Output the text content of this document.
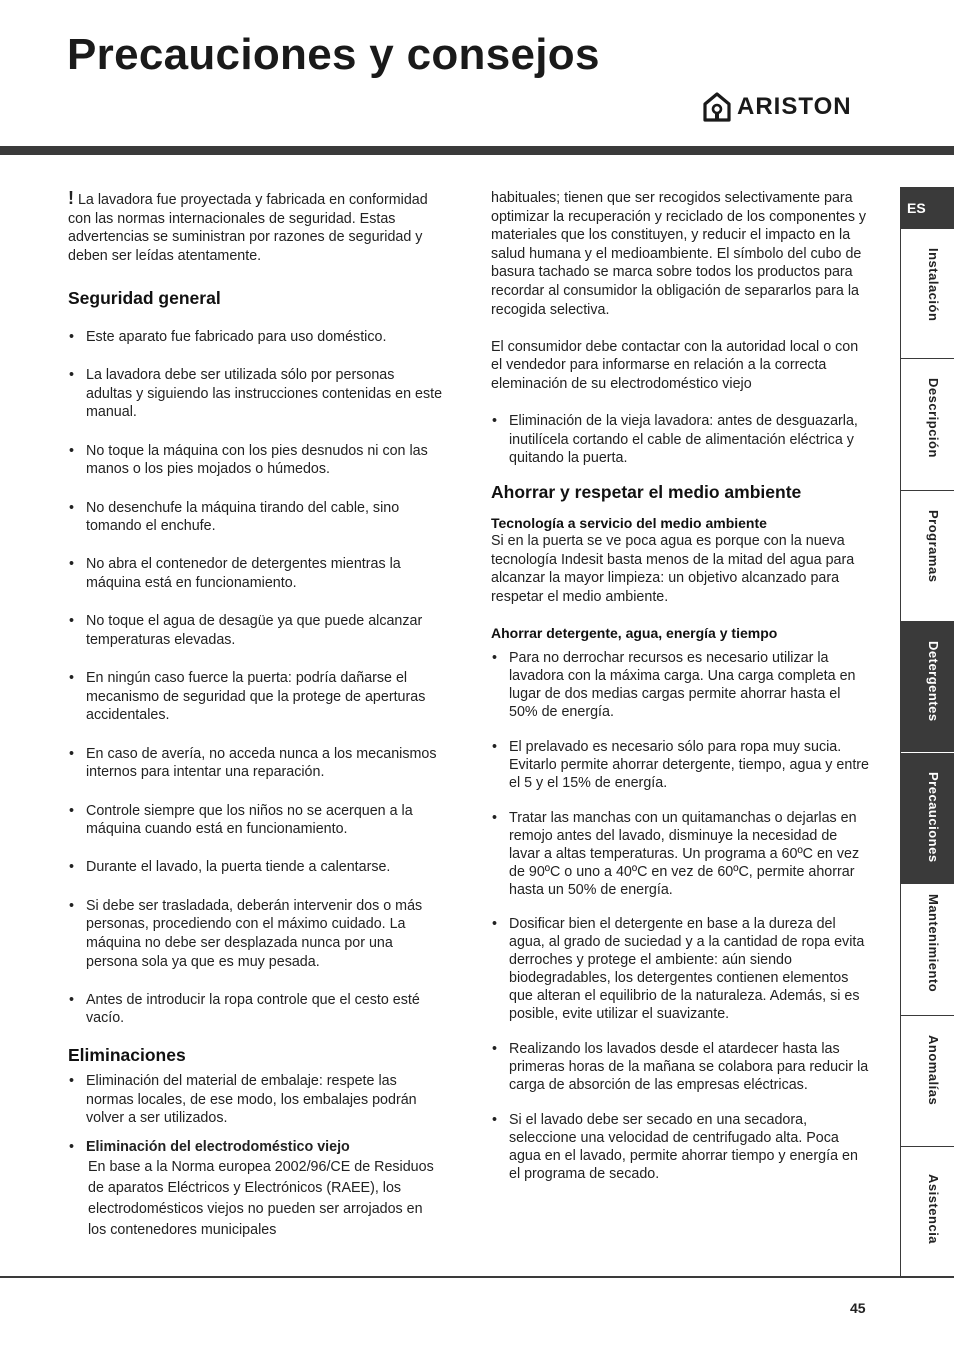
Precauciones y consejos
ARISTON

! La lavadora fue proyectada y fabricada en conformidad con las normas internacionales de seguridad. Estas advertencias se suministran por razones de seguridad y deben ser leídas atentamente.

Seguridad general
• Este aparato fue fabricado para uso doméstico.
• La lavadora debe ser utilizada sólo por personas adultas y siguiendo las instrucciones contenidas en este manual.
• No toque la máquina con los pies desnudos ni con las manos o los pies mojados o húmedos.
• No desenchufe la máquina tirando del cable, sino tomando el enchufe.
• No abra el contenedor de detergentes mientras la máquina está en funcionamiento.
• No toque el agua de desagüe ya que puede alcanzar temperaturas elevadas.
• En ningún caso fuerce la puerta: podría dañarse el mecanismo de seguridad que la protege de aperturas accidentales.
• En caso de avería, no acceda nunca a los mecanismos internos para intentar una reparación.
• Controle siempre que los niños no se acerquen a la máquina cuando está en funcionamiento.
• Durante el lavado, la puerta tiende a calentarse.
• Si debe ser trasladada, deberán intervenir dos o más personas, procediendo con el máximo cuidado. La máquina no debe ser desplazada nunca por una persona sola ya que es muy pesada.
• Antes de introducir la ropa controle que el cesto esté vacío.
Eliminaciones
• Eliminación del material de embalaje: respete las normas locales, de ese modo, los embalajes podrán volver a ser utilizados.
• Eliminación del electrodoméstico viejo
En base a la Norma europea 2002/96/CE de Residuos de aparatos Eléctricos y Electrónicos (RAEE), los electrodomésticos viejos no pueden ser arrojados en los contenedores municipales

habituales; tienen que ser recogidos selectivamente para optimizar la recuperación y reciclado de los componentes y materiales que los constituyen, y reducir el impacto en la salud humana y el medioambiente. El símbolo del cubo de basura tachado se marca sobre todos los productos para recordar al consumidor la obligación de separarlos para la recogida selectiva.

El consumidor debe contactar con la autoridad local o con el vendedor para informarse en relación a la correcta eleminación de su electrodoméstico viejo

• Eliminación de la vieja lavadora: antes de desguazarla, inutilícela cortando el cable de alimentación eléctrica y quitando la puerta.
Ahorrar y respetar el medio ambiente
Tecnología a servicio del medio ambiente

Si en la puerta se ve poca agua es porque con la nueva tecnología Indesit basta menos de la mitad del agua para alcanzar la mayor limpieza: un objetivo alcanzado para respetar el medio ambiente.

Ahorrar detergente, agua, energía y tiempo
• Para no derrochar recursos es necesario utilizar la lavadora con la máxima carga. Una carga completa en lugar de dos medias cargas permite ahorrar hasta el 50% de energía.
• El prelavado es necesario sólo para ropa muy sucia. Evitarlo permite ahorrar detergente, tiempo, agua y entre el 5 y el 15% de energía.
• Tratar las manchas con un quitamanchas o dejarlas en remojo antes del lavado, disminuye la necesidad de lavar a altas temperaturas. Un programa a 60ºC en vez de 90ºC o uno a 40ºC en vez de 60ºC, permite ahorrar hasta un 50% de energía.
• Dosificar bien el detergente en base a la dureza del agua, al grado de suciedad y a la cantidad de ropa evita derroches y protege el ambiente: aún siendo biodegradables, los detergentes contienen elementos que alteran el equilibrio de la naturaleza. Además, si es posible, evite utilizar el suavizante.
• Realizando los lavados desde el atardecer hasta las primeras horas de la mañana se colabora para reducir la carga de absorción de las empresas eléctricas.
• Si el lavado debe ser secado en una secadora, seleccione una velocidad de centrifugado alta. Poca agua en el lavado, permite ahorrar tiempo y energía en el programa de secado.
ES
Instalación
Descripción
Programas
Detergentes
Precauciones
Mantenimiento
Anomalías
Asistencia
45
